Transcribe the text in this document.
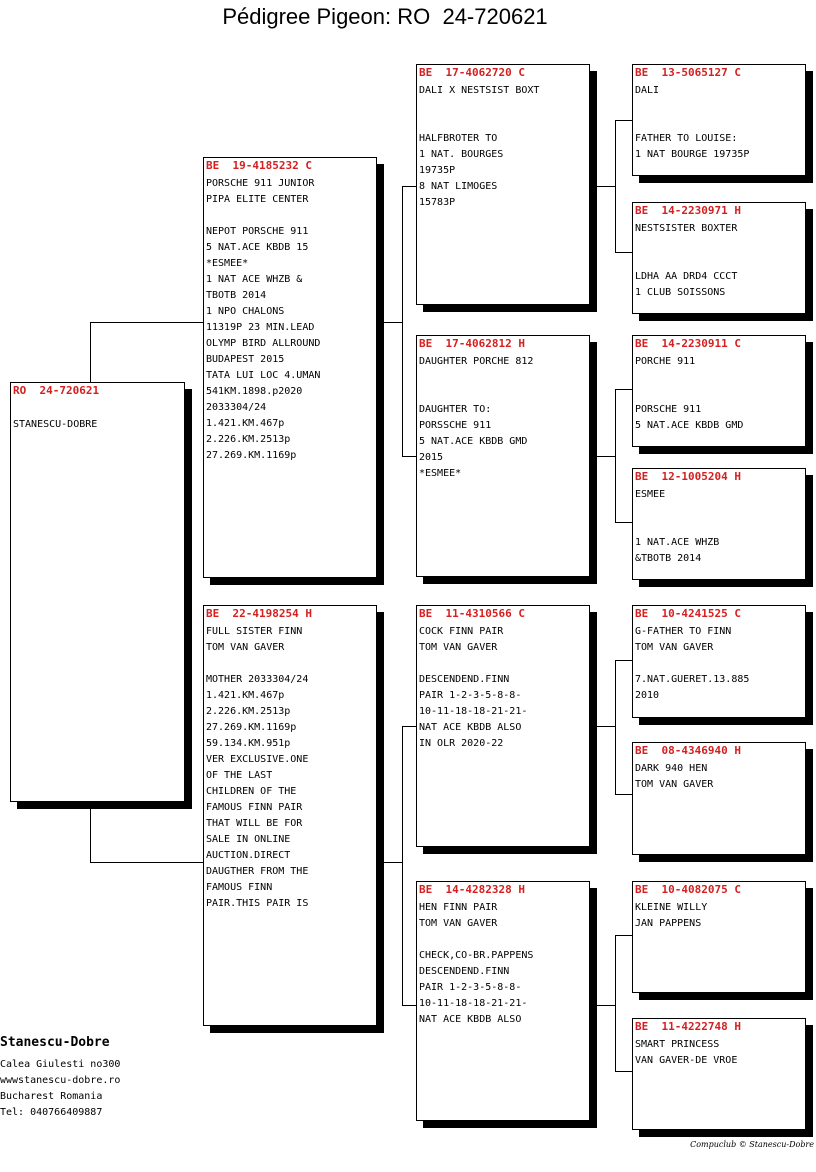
Pédigree Pigeon: RO  24-720621
RO  24-720621
STANESCU-DOBRE
BE  19-4185232 C
PORSCHE 911 JUNIOR
PIPA ELITE CENTER
NEPOT PORSCHE 911
5 NAT.ACE KBDB 15
*ESMEE*
1 NAT ACE WHZB &
TBOTB 2014
1 NPO CHALONS
11319P 23 MIN.LEAD
OLYMP BIRD ALLROUND
BUDAPEST 2015
TATA LUI LOC 4.UMAN
541KM.1898.p2020
2033304/24
1.421.KM.467p
2.226.KM.2513p
27.269.KM.1169p
BE  22-4198254 H
FULL SISTER FINN
TOM VAN GAVER
MOTHER 2033304/24
1.421.KM.467p
2.226.KM.2513p
27.269.KM.1169p
59.134.KM.951p
VER EXCLUSIVE.ONE
OF THE LAST
CHILDREN OF THE
FAMOUS FINN PAIR
THAT WILL BE FOR
SALE IN ONLINE
AUCTION.DIRECT
DAUGTHER FROM THE
FAMOUS FINN
PAIR.THIS PAIR IS
BE  17-4062720 C
DALI X NESTSIST BOXT
HALFBROTER TO
1 NAT. BOURGES
19735P
8 NAT LIMOGES
15783P
BE  17-4062812 H
DAUGHTER PORCHE 812
DAUGHTER TO:
PORSSCHE 911
5 NAT.ACE KBDB GMD
2015
*ESMEE*
BE  11-4310566 C
COCK FINN PAIR
TOM VAN GAVER
DESCENDEND.FINN
PAIR 1-2-3-5-8-8-
10-11-18-18-21-21-
NAT ACE KBDB ALSO
IN OLR 2020-22
BE  14-4282328 H
HEN FINN PAIR
TOM VAN GAVER
CHECK,CO-BR.PAPPENS
DESCENDEND.FINN
PAIR 1-2-3-5-8-8-
10-11-18-18-21-21-
NAT ACE KBDB ALSO
BE  13-5065127 C
DALI
FATHER TO LOUISE:
1 NAT BOURGE 19735P
BE  14-2230971 H
NESTSISTER BOXTER
LDHA AA DRD4 CCCT
1 CLUB SOISSONS
BE  14-2230911 C
PORCHE 911
PORSCHE 911
5 NAT.ACE KBDB GMD
BE  12-1005204 H
ESMEE
1 NAT.ACE WHZB
&TBOTB 2014
BE  10-4241525 C
G-FATHER TO FINN
TOM VAN GAVER
7.NAT.GUERET.13.885
2010
BE  08-4346940 H
DARK 940 HEN
TOM VAN GAVER
BE  10-4082075 C
KLEINE WILLY
JAN PAPPENS
BE  11-4222748 H
SMART PRINCESS
VAN GAVER-DE VROE
Stanescu-Dobre
Calea Giulesti no300
wwwstanescu-dobre.ro
Bucharest Romania
Tel: 040766409887
Compuclub © Stanescu-Dobre
